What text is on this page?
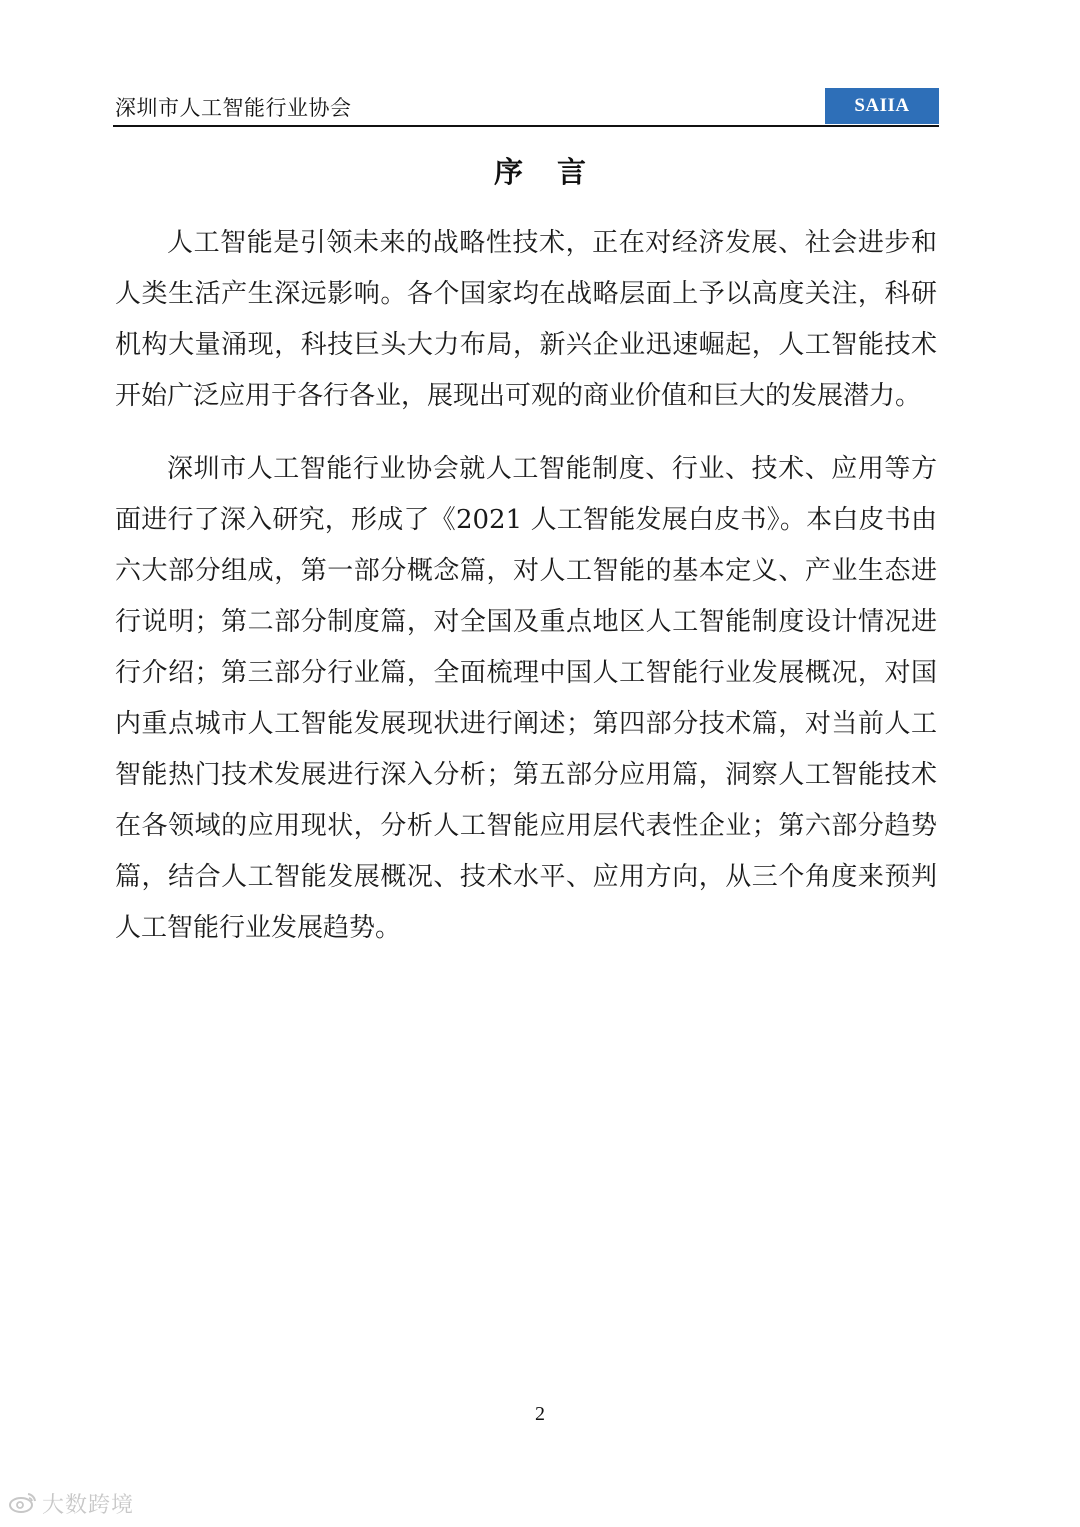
深圳市人工智能行业协会	SAIIA
序言

人工智能是引领未来的战略性技术，正在对经济发展、社会进步和人类生活产生深远影响。各个国家均在战略层面上予以高度关注，科研机构大量涌现，科技巨头大力布局，新兴企业迅速崛起，人工智能技术开始广泛应用于各行各业，展现出可观的商业价值和巨大的发展潜力。

深圳市人工智能行业协会就人工智能制度、行业、技术、应用等方面进行了深入研究，形成了《2021 人工智能发展白皮书》。本白皮书由六大部分组成，第一部分概念篇，对人工智能的基本定义、产业生态进行说明；第二部分制度篇，对全国及重点地区人工智能制度设计情况进行介绍；第三部分行业篇，全面梳理中国人工智能行业发展概况，对国内重点城市人工智能发展现状进行阐述；第四部分技术篇，对当前人工智能热门技术发展进行深入分析；第五部分应用篇，洞察人工智能技术在各领域的应用现状，分析人工智能应用层代表性企业；第六部分趋势篇，结合人工智能发展概况、技术水平、应用方向，从三个角度来预判人工智能行业发展趋势。

2
大数跨境
